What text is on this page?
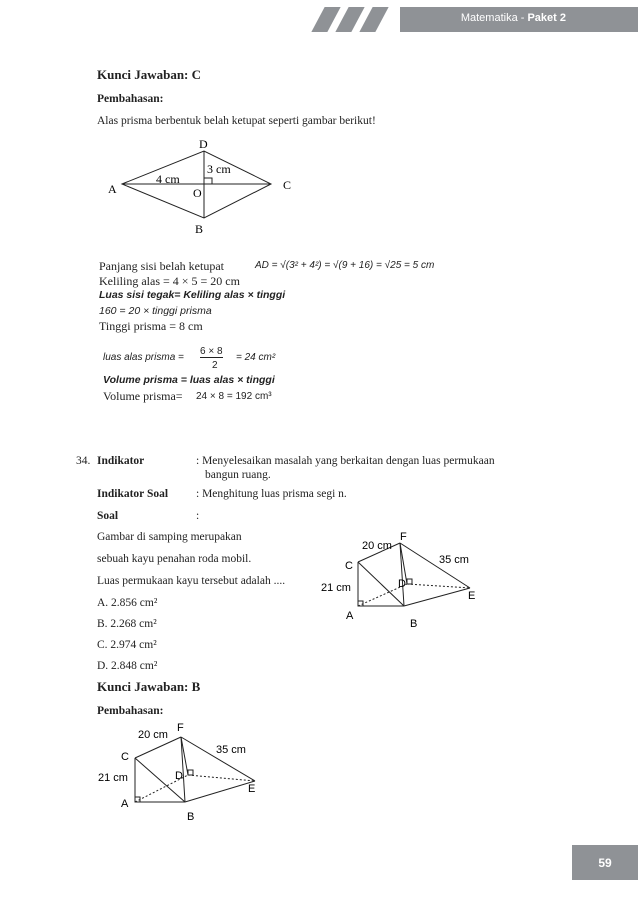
Matematika - Paket 2
Kunci Jawaban: C
Pembahasan:
Alas prisma berbentuk belah ketupat seperti gambar berikut!
D
A	C
B
O
4 cm
3 cm
Panjang sisi belah ketupat	AD = √(3² + 4²) = √(9 + 16) = √25 = 5 cm
Keliling alas = 4 × 5 = 20 cm
Luas sisi tegak= Keliling alas × tinggi
160 = 20 × tinggi prisma
Tinggi prisma = 8 cm
luas alas prisma =
6 × 8
2
= 24 cm²
Volume prisma = luas alas × tinggi
Volume prisma= 24 × 8 = 192 cm³
34. Indikator	: Menyelesaikan masalah yang berkaitan dengan luas permukaan
bangun ruang.
Indikator Soal : Menghitung luas prisma segi n.
Soal	:
Gambar di samping merupakan
sebuah kayu penahan roda mobil.
Luas permukaan kayu tersebut adalah ....
A. 2.856 cm²
B. 2.268 cm²
C. 2.974 cm²
D. 2.848 cm²
F
20 cm
C	35 cm
D
21 cm
E
A
B
Kunci Jawaban: B
Pembahasan:
F
20 cm
C
35 cm
D
21 cm
E
A
B
59
